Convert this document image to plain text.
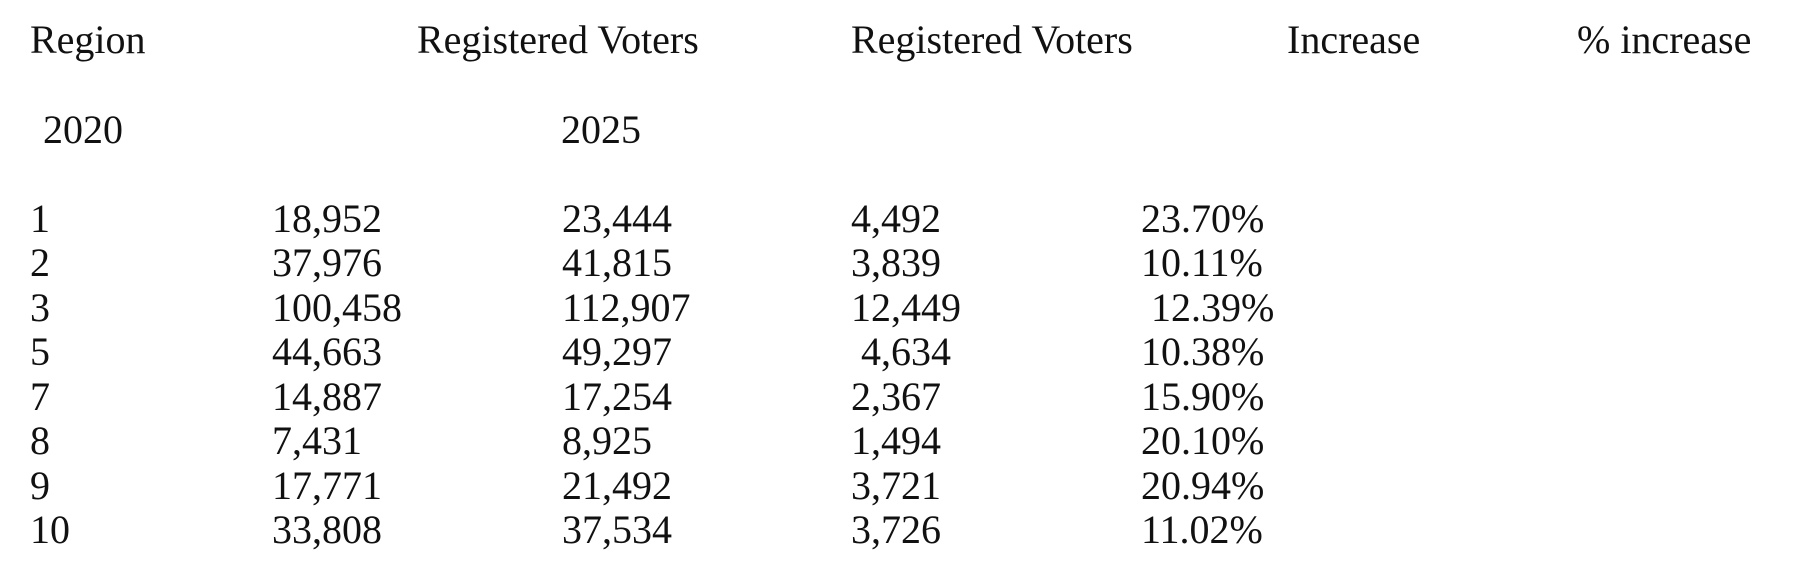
Region	Registered Voters	Registered Voters	Increase	% increase
2020	2025
1	18,952	23,444	4,492	23.70%
2	37,976	41,815	3,839	10.11%
3	100,458	112,907	12,449	12.39%
5	44,663	49,297	4,634	10.38%
7	14,887	17,254	2,367	15.90%
8	7,431	8,925	1,494	20.10%
9	17,771	21,492	3,721	20.94%
10	33,808	37,534	3,726	11.02%
